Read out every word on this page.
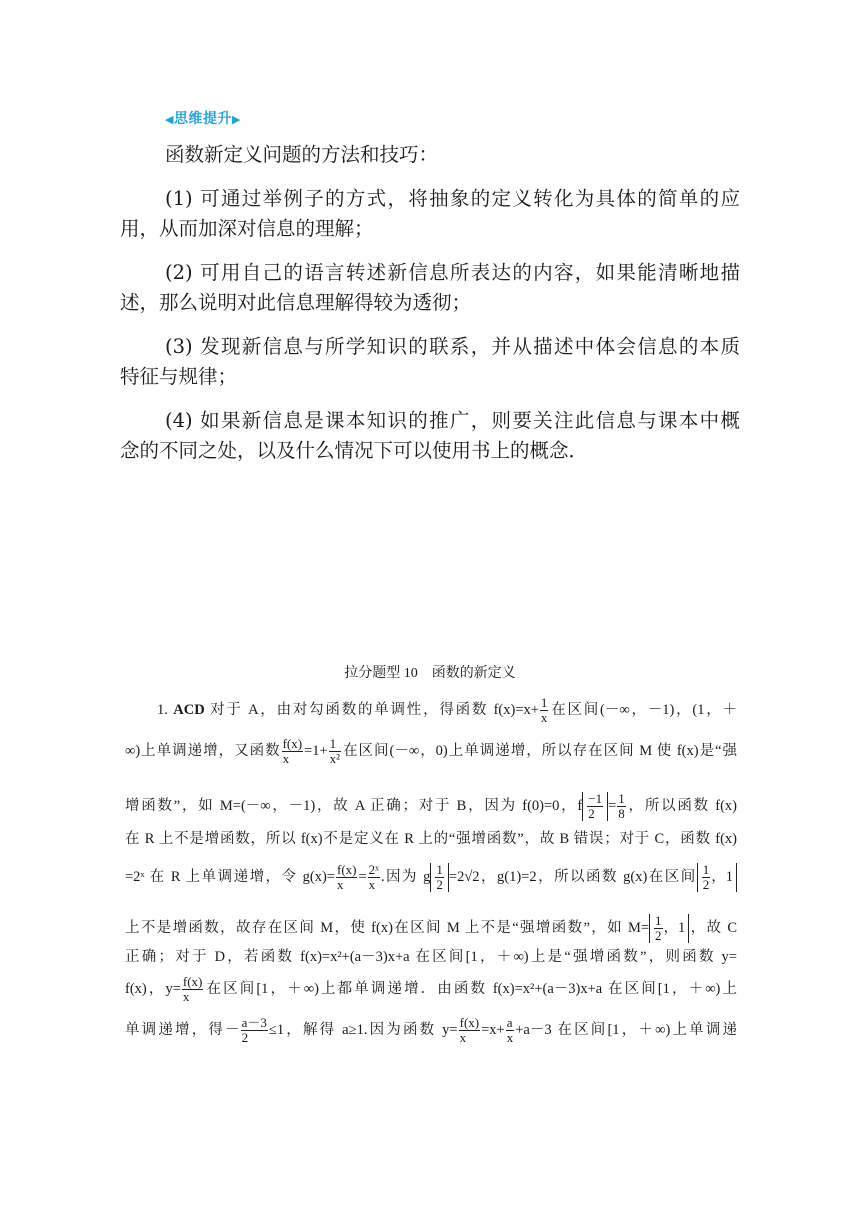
◀思维提升▶

函数新定义问题的方法和技巧：

(1) 可通过举例子的方式，将抽象的定义转化为具体的简单的应

用，从而加深对信息的理解；

(2) 可用自己的语言转述新信息所表达的内容，如果能清晰地描

述，那么说明对此信息理解得较为透彻；

(3) 发现新信息与所学知识的联系，并从描述中体会信息的本质

特征与规律；

(4) 如果新信息是课本知识的推广，则要关注此信息与课本中概

念的不同之处，以及什么情况下可以使用书上的概念．

拉分题型 10　函数的新定义

1. ACD 对于 A，由对勾函数的单调性，得函数 $f(x)=x+ \frac{1}{x}$ 在区间(－∞，－1)，(1，＋

∞)上单调递增，又函数 $\frac{f(x)}{x} =1+ \frac{1}{\text{x²}}$ 在区间(－∞，0)上单调递增，所以存在区间 M 使 f(x)是“强

增函数”，如 M=(－∞，－1)，故 A 正确；对于 B，因为 f(0)=0，f $\frac{-1}{2} = \frac{1}{8}$ ，所以函数 f(x)

在 R 上不是增函数，所以 f(x)不是定义在 R 上的“强增函数”，故 B 错误；对于 C，函数 f(x)

=2ˣ 在 R 上单调递增，令 $g(x)= \frac{f(x)}{x} = \frac{\text{2ˣ}}{x}$ .因为 g $\frac{1}{2} =2√2$，g(1)=2，所以函数 g(x)在区间 $\frac{1}{2}$ ，1

上不是增函数，故存在区间 M，使 f(x)在区间 M 上不是“强增函数”，如 $M= \frac{1}{2}$ ，1 ，故 C

正确；对于 D，若函数 f(x)=x²+(a－3)x+a 在区间[1，＋∞)上是“强增函数”，则函数 y=

f(x)，$y= \frac{f(x)}{x}$ 在区间[1，＋∞)上都单调递增．由函数 f(x)=x²+(a－3)x+a 在区间[1，＋∞)上

单调递增，得－ $\frac{a-3}{2} \le 1$，解得 a≥1.因为函数 $y= \frac{f(x)}{x} =x+ \frac{a}{x} +a-3$ 在区间[1，＋∞)上单调递
